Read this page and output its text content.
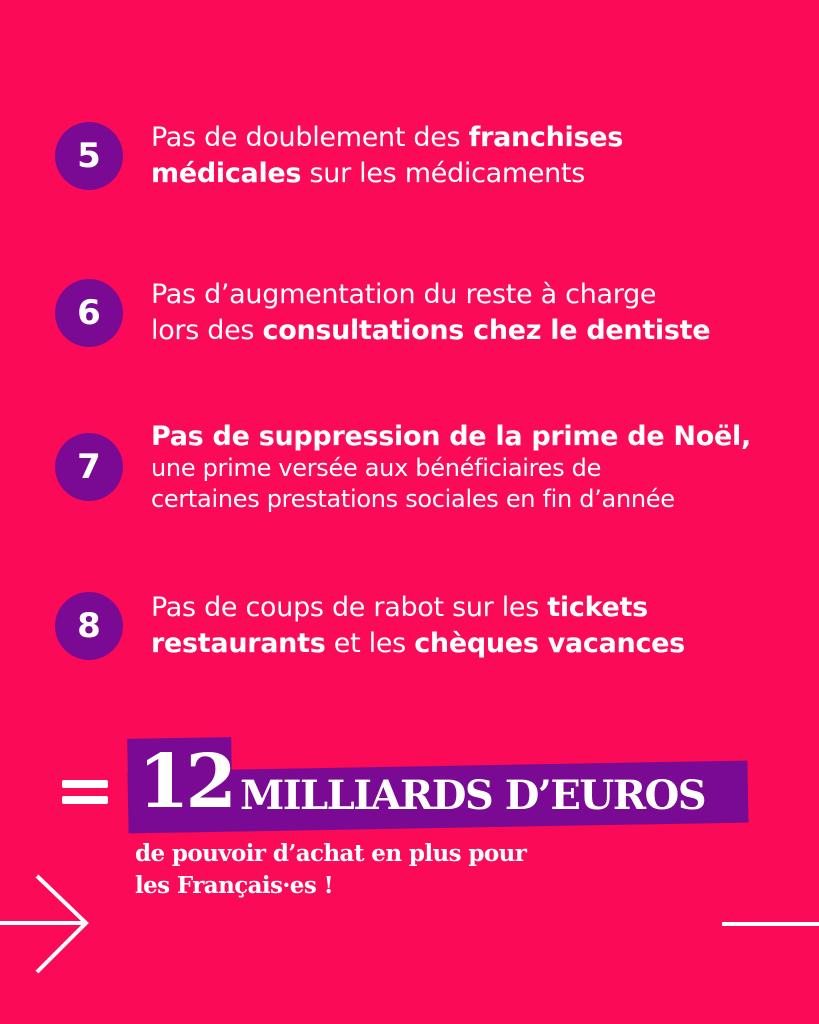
5	Pas de doublement des franchises
médicales sur les médicaments
6	Pas d’augmentation du reste à charge
lors des consultations chez le dentiste
7
Pas de suppression de la prime de Noël,
une prime versée aux bénéficiaires de
certaines prestations sociales en fin d’année
8	Pas de coups de rabot sur les tickets
restaurants et les chèques vacances
12 MILLIARDS D’EUROS
de pouvoir d’achat en plus pour
les Français·es !
